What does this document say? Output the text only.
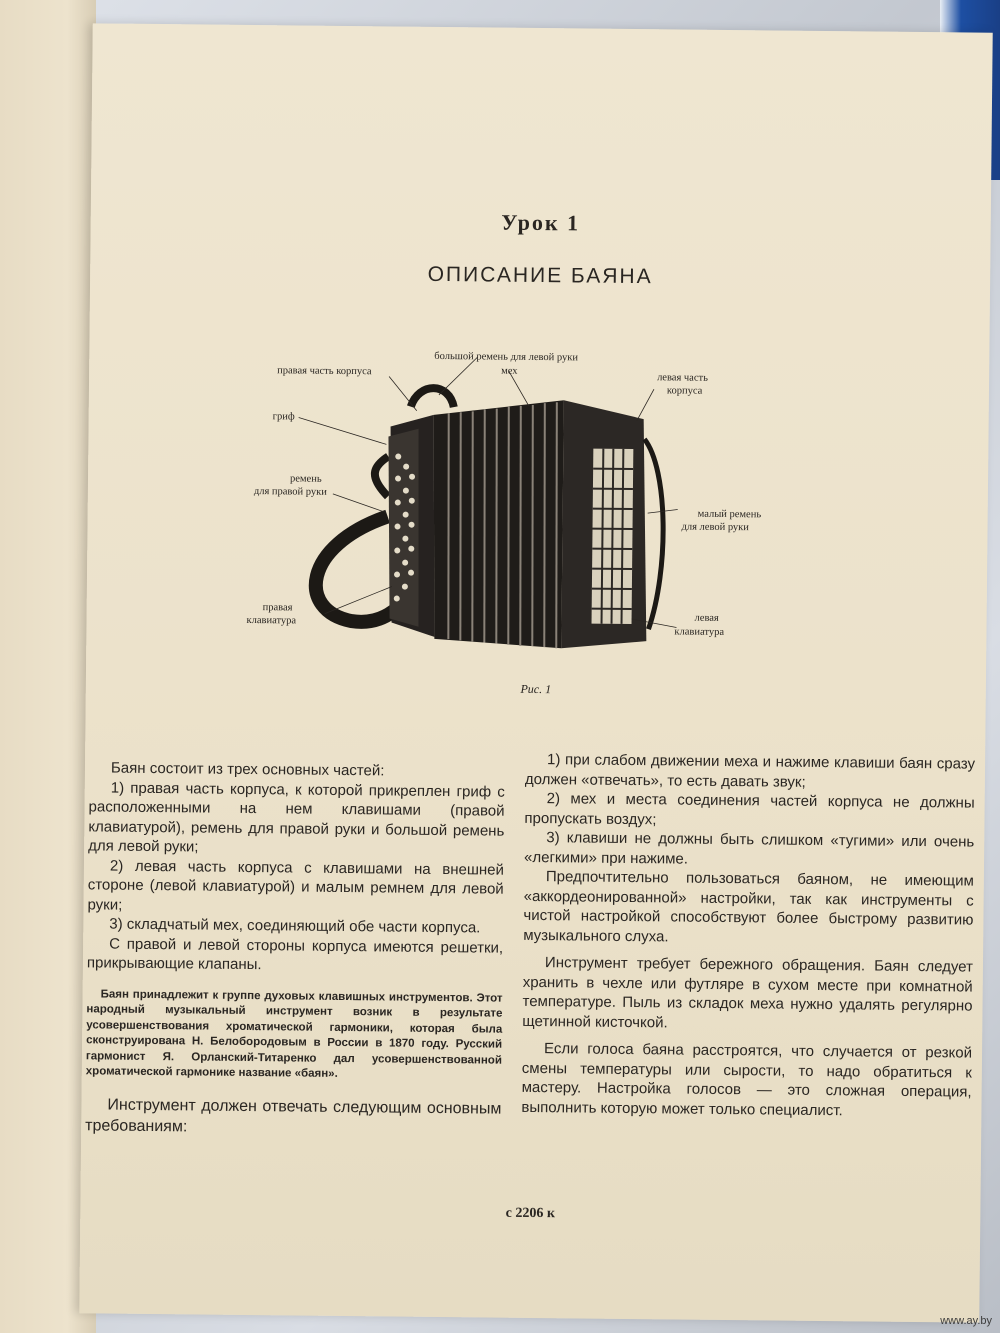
Урок 1
ОПИСАНИЕ БАЯНА
правая часть корпуса
большой ремень для левой руки
мех
левая часть
корпуса
гриф
ремень
для правой руки
малый ремень
для левой руки
правая
клавиатура	левая
клавиатура
Рис. 1

Баян состоит из трех основных частей:

1) правая часть корпуса, к которой прикреплен гриф с расположенными на нем клавишами (правой клавиатурой), ремень для правой руки и большой ремень для левой руки;

2) левая часть корпуса с клавишами на внешней стороне (левой клавиатурой) и малым ремнем для левой руки;

3) складчатый мех, соединяющий обе части корпуса.

С правой и левой стороны корпуса имеются решетки, прикрывающие клапаны.

Баян принадлежит к группе духовых клавишных инструментов. Этот народный музыкальный инструмент возник в результате усовершенствования хроматической гармоники, которая была сконструирована Н. Белобородовым в России в 1870 году. Русский гармонист Я. Орланский-Титаренко дал усовершенствованной хроматической гармонике название «баян».

Инструмент должен отвечать следующим основным требованиям:

1) при слабом движении меха и нажиме клавиши баян сразу должен «отвечать», то есть давать звук;

2) мех и места соединения частей корпуса не должны пропускать воздух;

3) клавиши не должны быть слишком «тугими» или очень «легкими» при нажиме.

Предпочтительно пользоваться баяном, не имеющим «аккордеонированной» настройки, так как инструменты с чистой настройкой способствуют более быстрому развитию музыкального слуха.

Инструмент требует бережного обращения. Баян следует хранить в чехле или футляре в сухом месте при комнатной температуре. Пыль из складок меха нужно удалять регулярно щетинной кисточкой.

Если голоса баяна расстроятся, что случается от резкой смены температуры или сырости, то надо обратиться к мастеру. Настройка голосов — это сложная операция, выполнить которую может только специалист.

с 2206 к
www.ay.by
